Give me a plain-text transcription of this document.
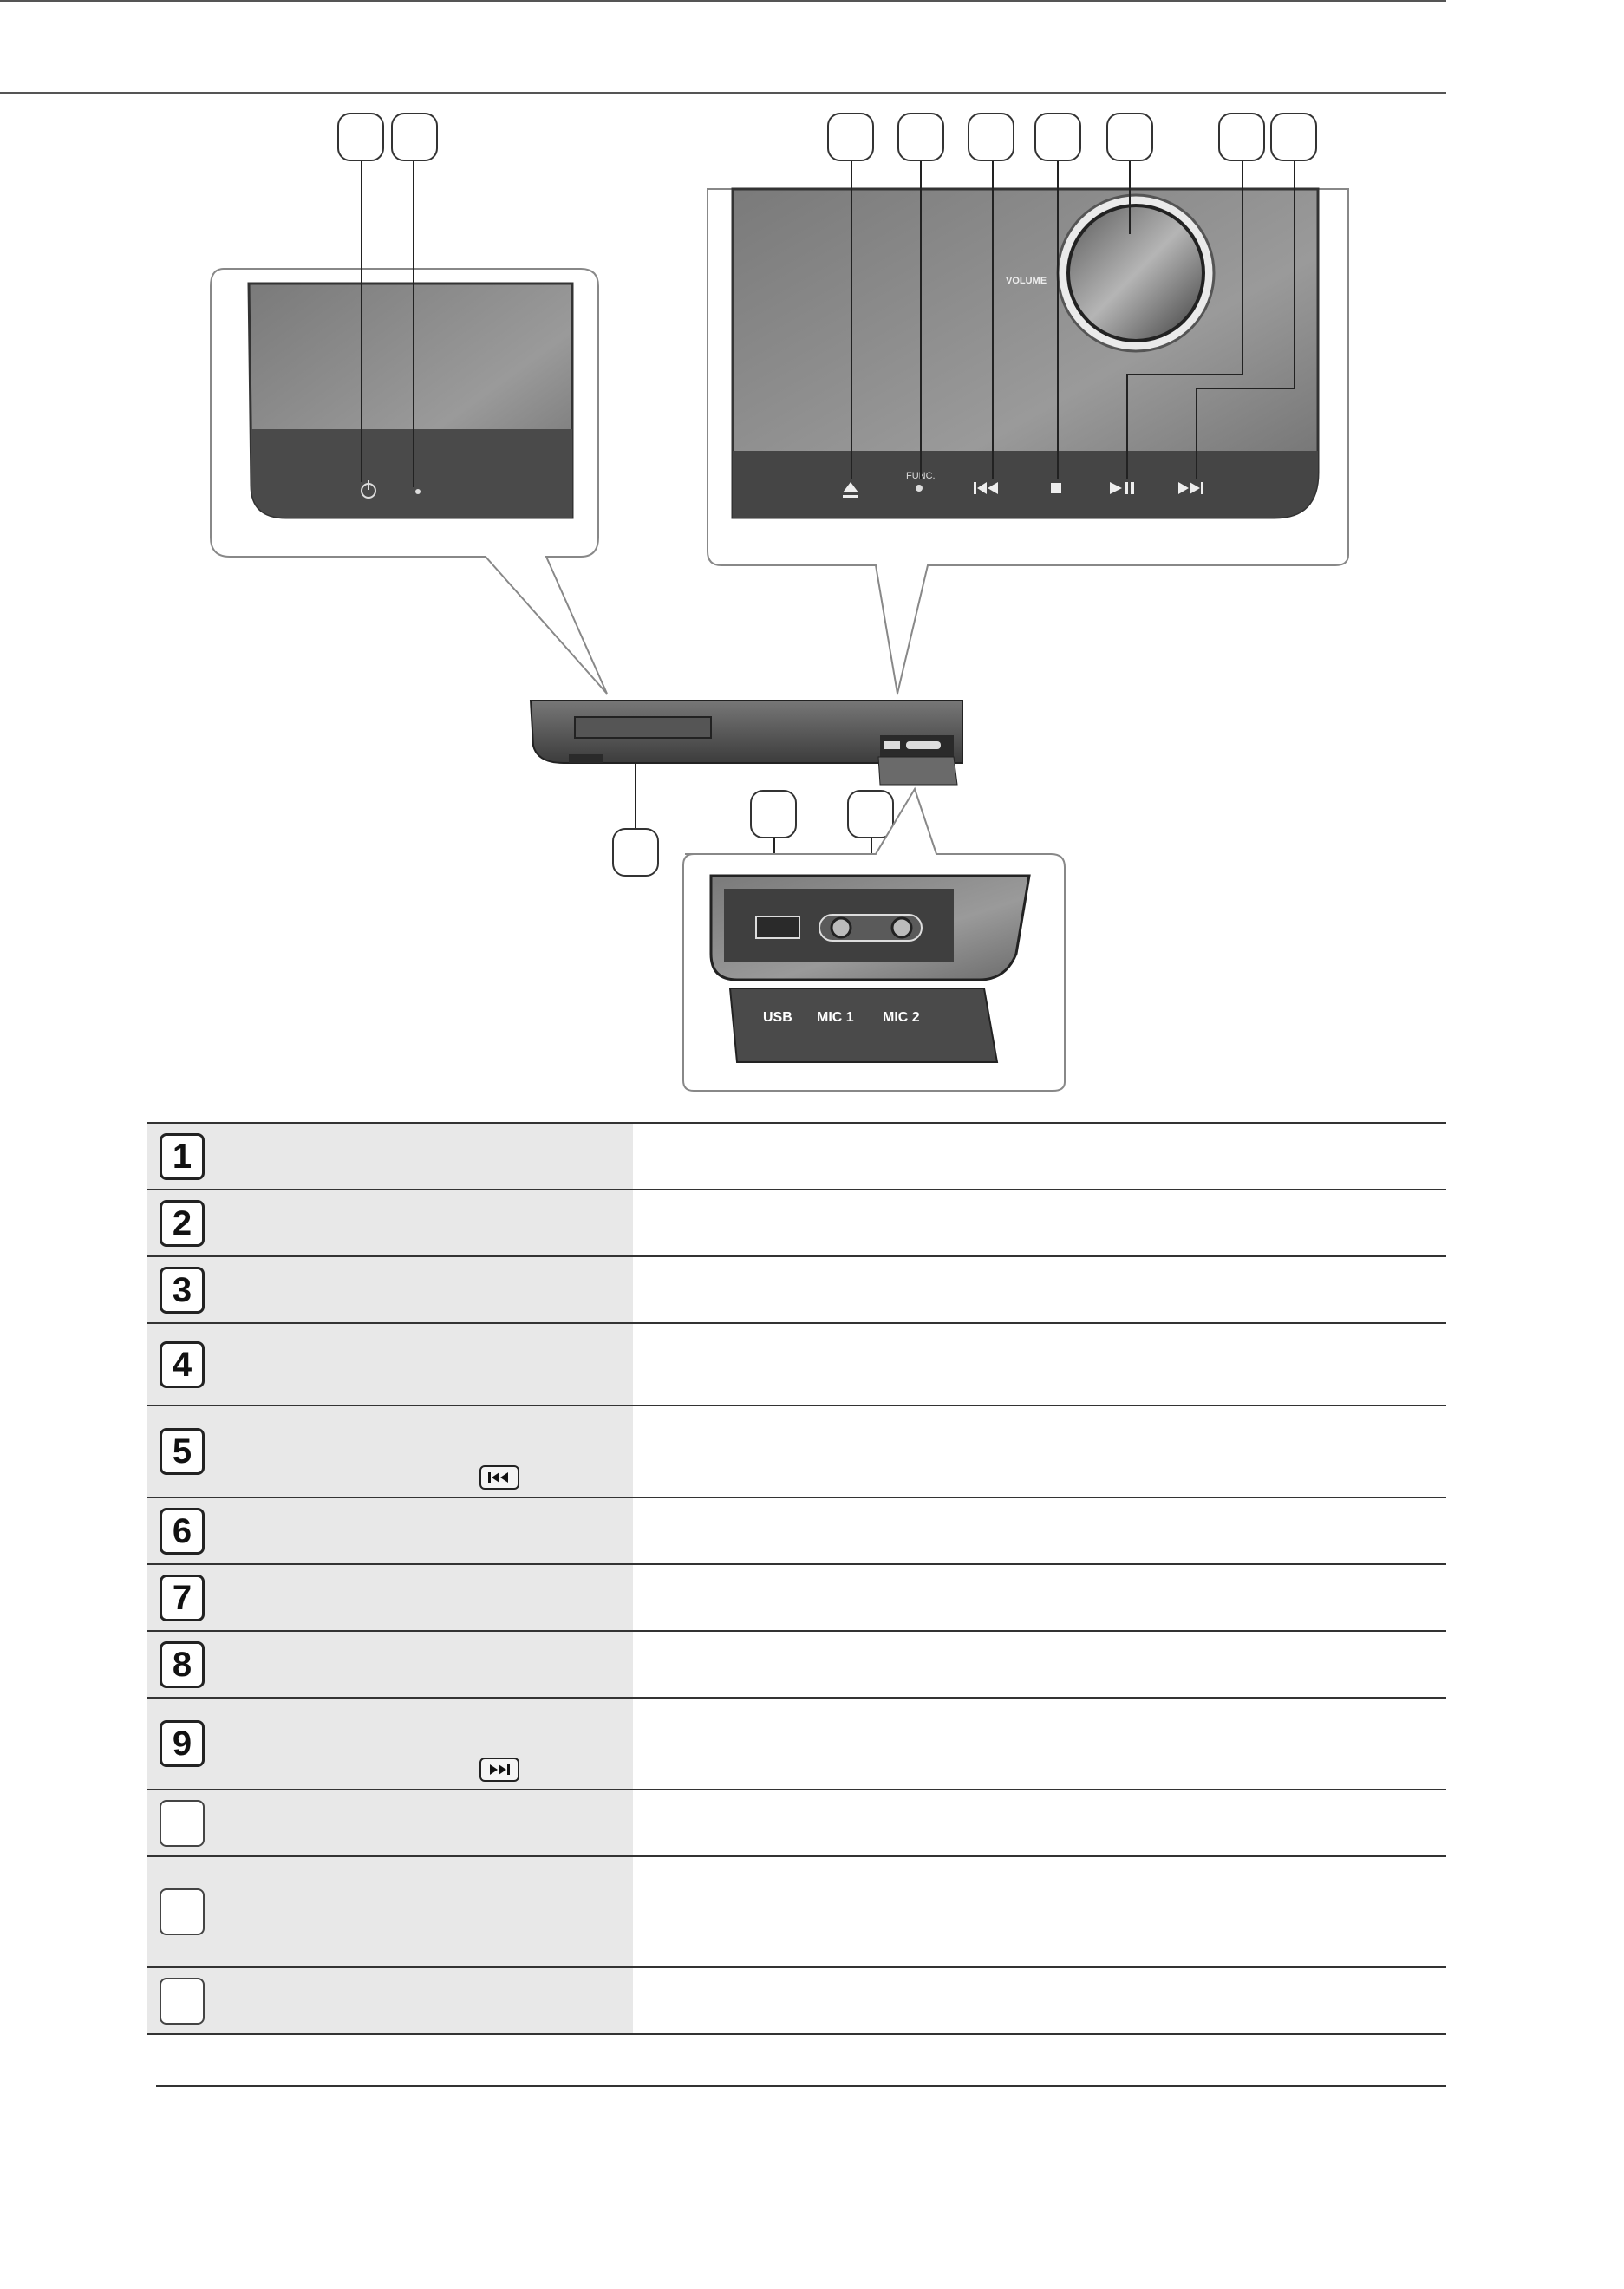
VOLUME
FUNC.
USB MIC 1 MIC 2
1	
2	
3	
4	
5

6	
7	
8	
9
